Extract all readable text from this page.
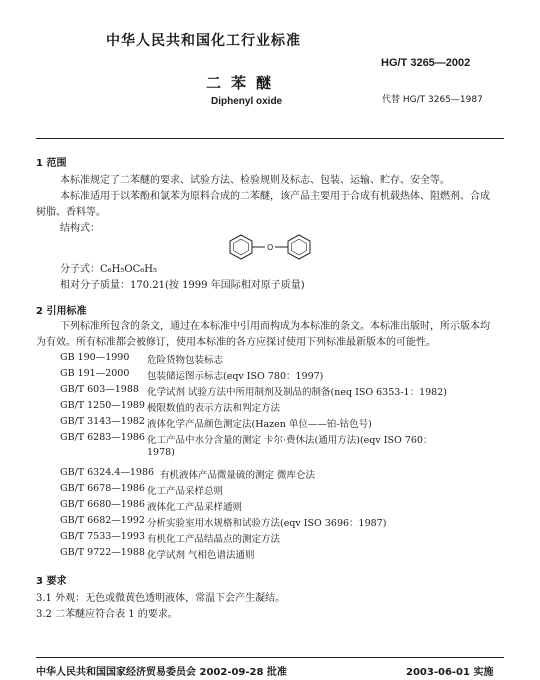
中华人民共和国化工行业标准
HG/T 3265—2002
二苯醚
Diphenyl oxide	代替 HG/T 3265—1987
1 范围
本标准规定了二苯醚的要求、试验方法、检验规则及标志、包装、运输、贮存、安全等。
本标准适用于以苯酚和氯苯为原料合成的二苯醚，该产品主要用于合成有机载热体、阻燃剂、合成
树脂、香料等。
结构式：
O
分子式：C₆H₅OC₆H₅
相对分子质量：170.21(按 1999 年国际相对原子质量)
2 引用标准
下列标准所包含的条文，通过在本标准中引用而构成为本标准的条文。本标准出版时，所示版本均
为有效。所有标准都会被修订，使用本标准的各方应探讨使用下列标准最新版本的可能性。
GB 190—1990 危险货物包装标志
GB 191—2000 包装储运图示标志(eqv ISO 780：1997)
GB/T 603—1988 化学试剂 试验方法中所用制剂及制品的制备(neq ISO 6353-1：1982)
GB/T 1250—1989 极限数值的表示方法和判定方法
GB/T 3143—1982 液体化学产品颜色测定法(Hazen 单位——铂-钴色号)
GB/T 6283—1986 化工产品中水分含量的测定 卡尔·费休法(通用方法)(eqv ISO 760：
1978)
GB/T 6324.4—1986 有机液体产品微量硫的测定 微库仑法
GB/T 6678—1986 化工产品采样总则
GB/T 6680—1986 液体化工产品采样通则
GB/T 6682—1992 分析实验室用水规格和试验方法(eqv ISO 3696：1987)
GB/T 7533—1993 有机化工产品结晶点的测定方法
GB/T 9722—1988 化学试剂 气相色谱法通则
3 要求
3.1 外观：无色或微黄色透明液体，常温下会产生凝结。
3.2 二苯醚应符合表 1 的要求。
中华人民共和国国家经济贸易委员会 2002-09-28 批准	2003-06-01 实施
